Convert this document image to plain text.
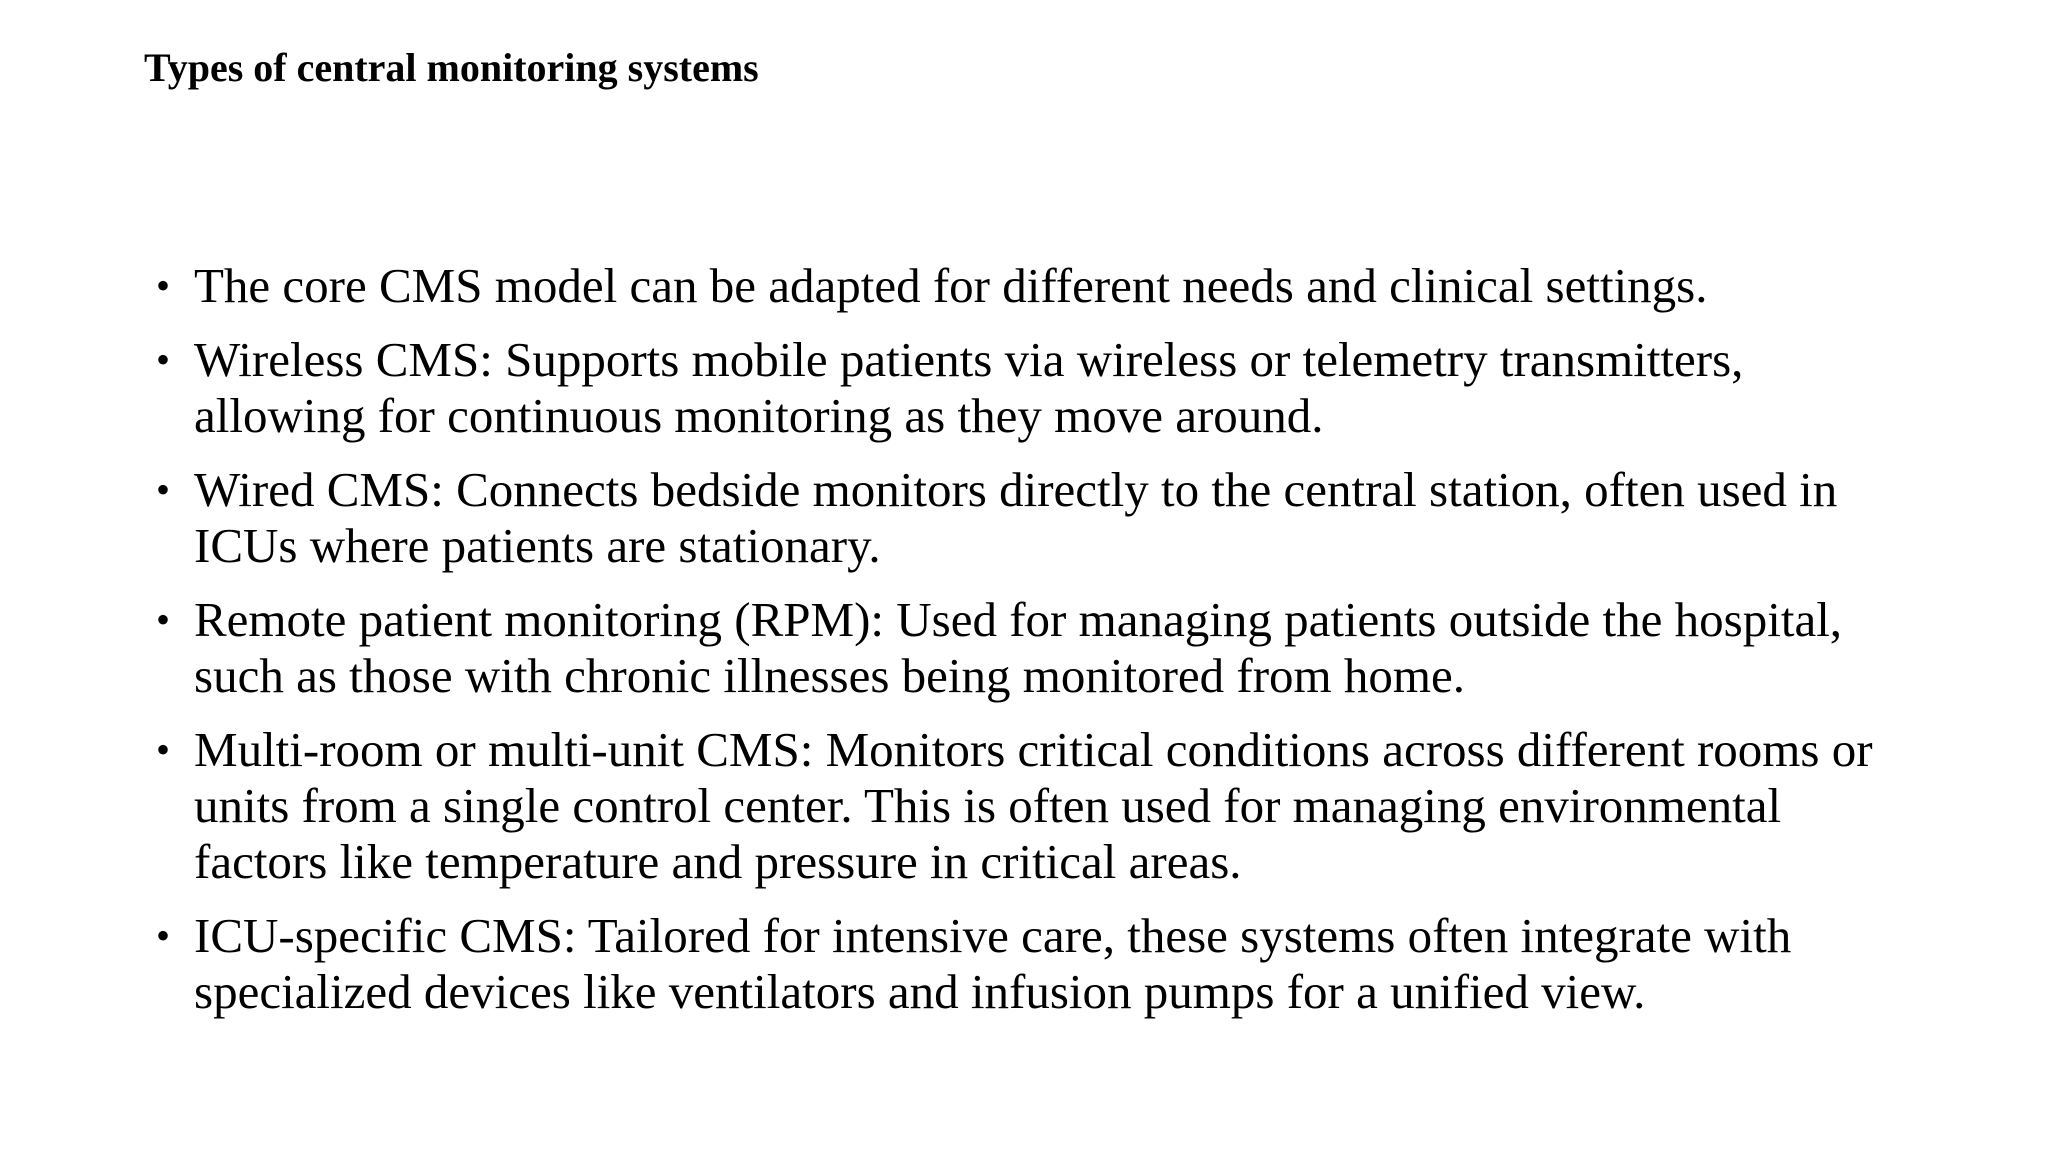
Types of central monitoring systems
• The core CMS model can be adapted for different needs and clinical settings.
• Wireless CMS: Supports mobile patients via wireless or telemetry transmitters, allowing for continuous monitoring as they move around.
• Wired CMS: Connects bedside monitors directly to the central station, often used in ICUs where patients are stationary.
• Remote patient monitoring (RPM): Used for managing patients outside the hospital, such as those with chronic illnesses being monitored from home.
• Multi-room or multi-unit CMS: Monitors critical conditions across different rooms or units from a single control center. This is often used for managing environmental factors like temperature and pressure in critical areas.
• ICU-specific CMS: Tailored for intensive care, these systems often integrate with specialized devices like ventilators and infusion pumps for a unified view.
